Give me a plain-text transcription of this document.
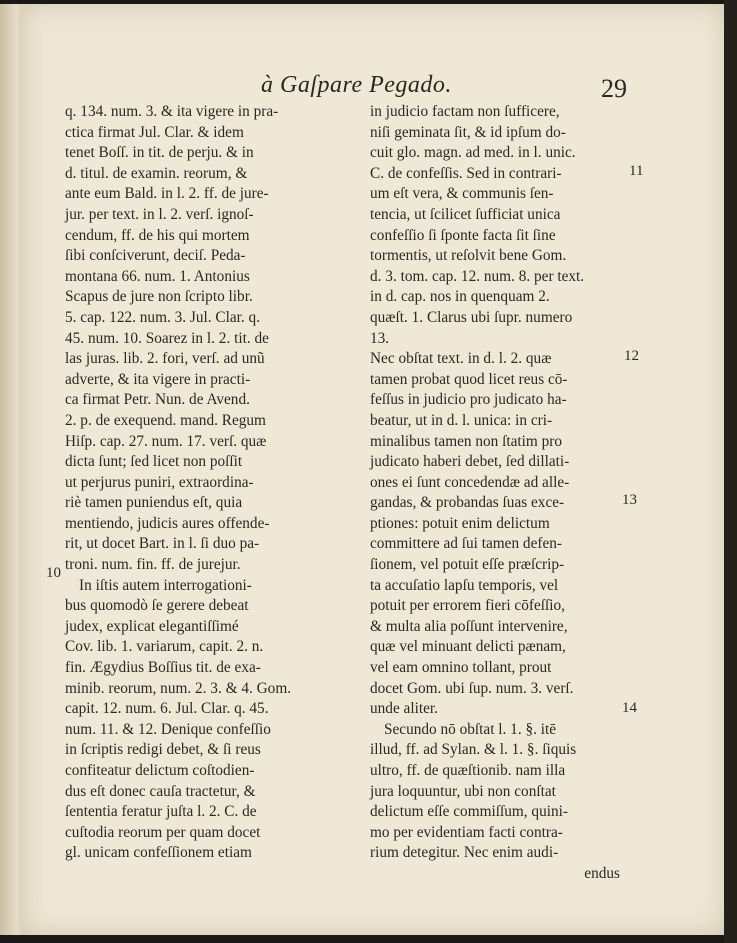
à Gaſpare Pegado.	29
q. 134. num. 3. & ita vigere in pra-
ctica firmat Jul. Clar. & idem
tenet Boſſ. in tit. de perju. & in
d. titul. de examin. reorum, &
ante eum Bald. in l. 2. ff. de jure-
jur. per text. in l. 2. verſ. ignoſ-
cendum, ff. de his qui mortem
ſibi conſciverunt, deciſ. Peda-
montana 66. num. 1. Antonius
Scapus de jure non ſcripto libr.
5. cap. 122. num. 3. Jul. Clar. q.
45. num. 10. Soarez in l. 2. tit. de
las juras. lib. 2. fori, verſ. ad unũ
adverte, & ita vigere in practi-
ca firmat Petr. Nun. de Avend.
2. p. de exequend. mand. Regum
Hiſp. cap. 27. num. 17. verſ. quæ
dicta ſunt; ſed licet non poſſit
ut perjurus puniri, extraordina-
riè tamen puniendus eſt, quia
mentiendo, judicis aures offende-
rit, ut docet Bart. in l. ſi duo pa-
troni. num. fin. ff. de jurejur.
In iſtis autem interrogationi-
bus quomodò ſe gerere debeat
judex, explicat elegantiſſimé
Cov. lib. 1. variarum, capit. 2. n.
fin. Ægydius Boſſius tit. de exa-
minib. reorum, num. 2. 3. & 4. Gom.
capit. 12. num. 6. Jul. Clar. q. 45.
num. 11. & 12. Denique confeſſio
in ſcriptis redigi debet, & ſi reus
confiteatur delictum coſtodien-
dus eſt donec cauſa tractetur, &
ſententia feratur juſta l. 2. C. de
cuſtodia reorum per quam docet
gl. unicam confeſſionem etiam
in judicio factam non ſufficere,
niſi geminata ſit, & id ipſum do-
cuit glo. magn. ad med. in l. unic.
C. de confeſſis. Sed in contrari-
um eſt vera, & communis ſen-
tencia, ut ſcilicet ſufficiat unica
confeſſio ſi ſponte facta ſit ſine
tormentis, ut reſolvit bene Gom.
d. 3. tom. cap. 12. num. 8. per text.
in d. cap. nos in quenquam 2.
quæſt. 1. Clarus ubi ſupr. numero
13.
Nec obſtat text. in d. l. 2. quæ
tamen probat quod licet reus cō-
feſſus in judicio pro judicato ha-
beatur, ut in d. l. unica: in cri-
minalibus tamen non ſtatim pro
judicato haberi debet, ſed dillati-
ones ei ſunt concedendæ ad alle-
gandas, & probandas ſuas exce-
ptiones: potuit enim delictum
committere ad ſui tamen defen-
ſionem, vel potuit eſſe præſcrip-
ta accuſatio lapſu temporis, vel
potuit per errorem fieri cōfeſſio,
& multa alia poſſunt intervenire,
quæ vel minuant delicti pænam,
vel eam omnino tollant, prout
docet Gom. ubi ſup. num. 3. verſ.
unde aliter.
Secundo nō obſtat l. 1. §. itē
illud, ff. ad Sylan. & l. 1. §. ſiquis
ultro, ff. de quæſtionib. nam illa
jura loquuntur, ubi non conſtat
delictum eſſe commiſſum, quini-
mo per evidentiam facti contra-
rium detegitur. Nec enim audi-
endus
10
11
12
13
14
